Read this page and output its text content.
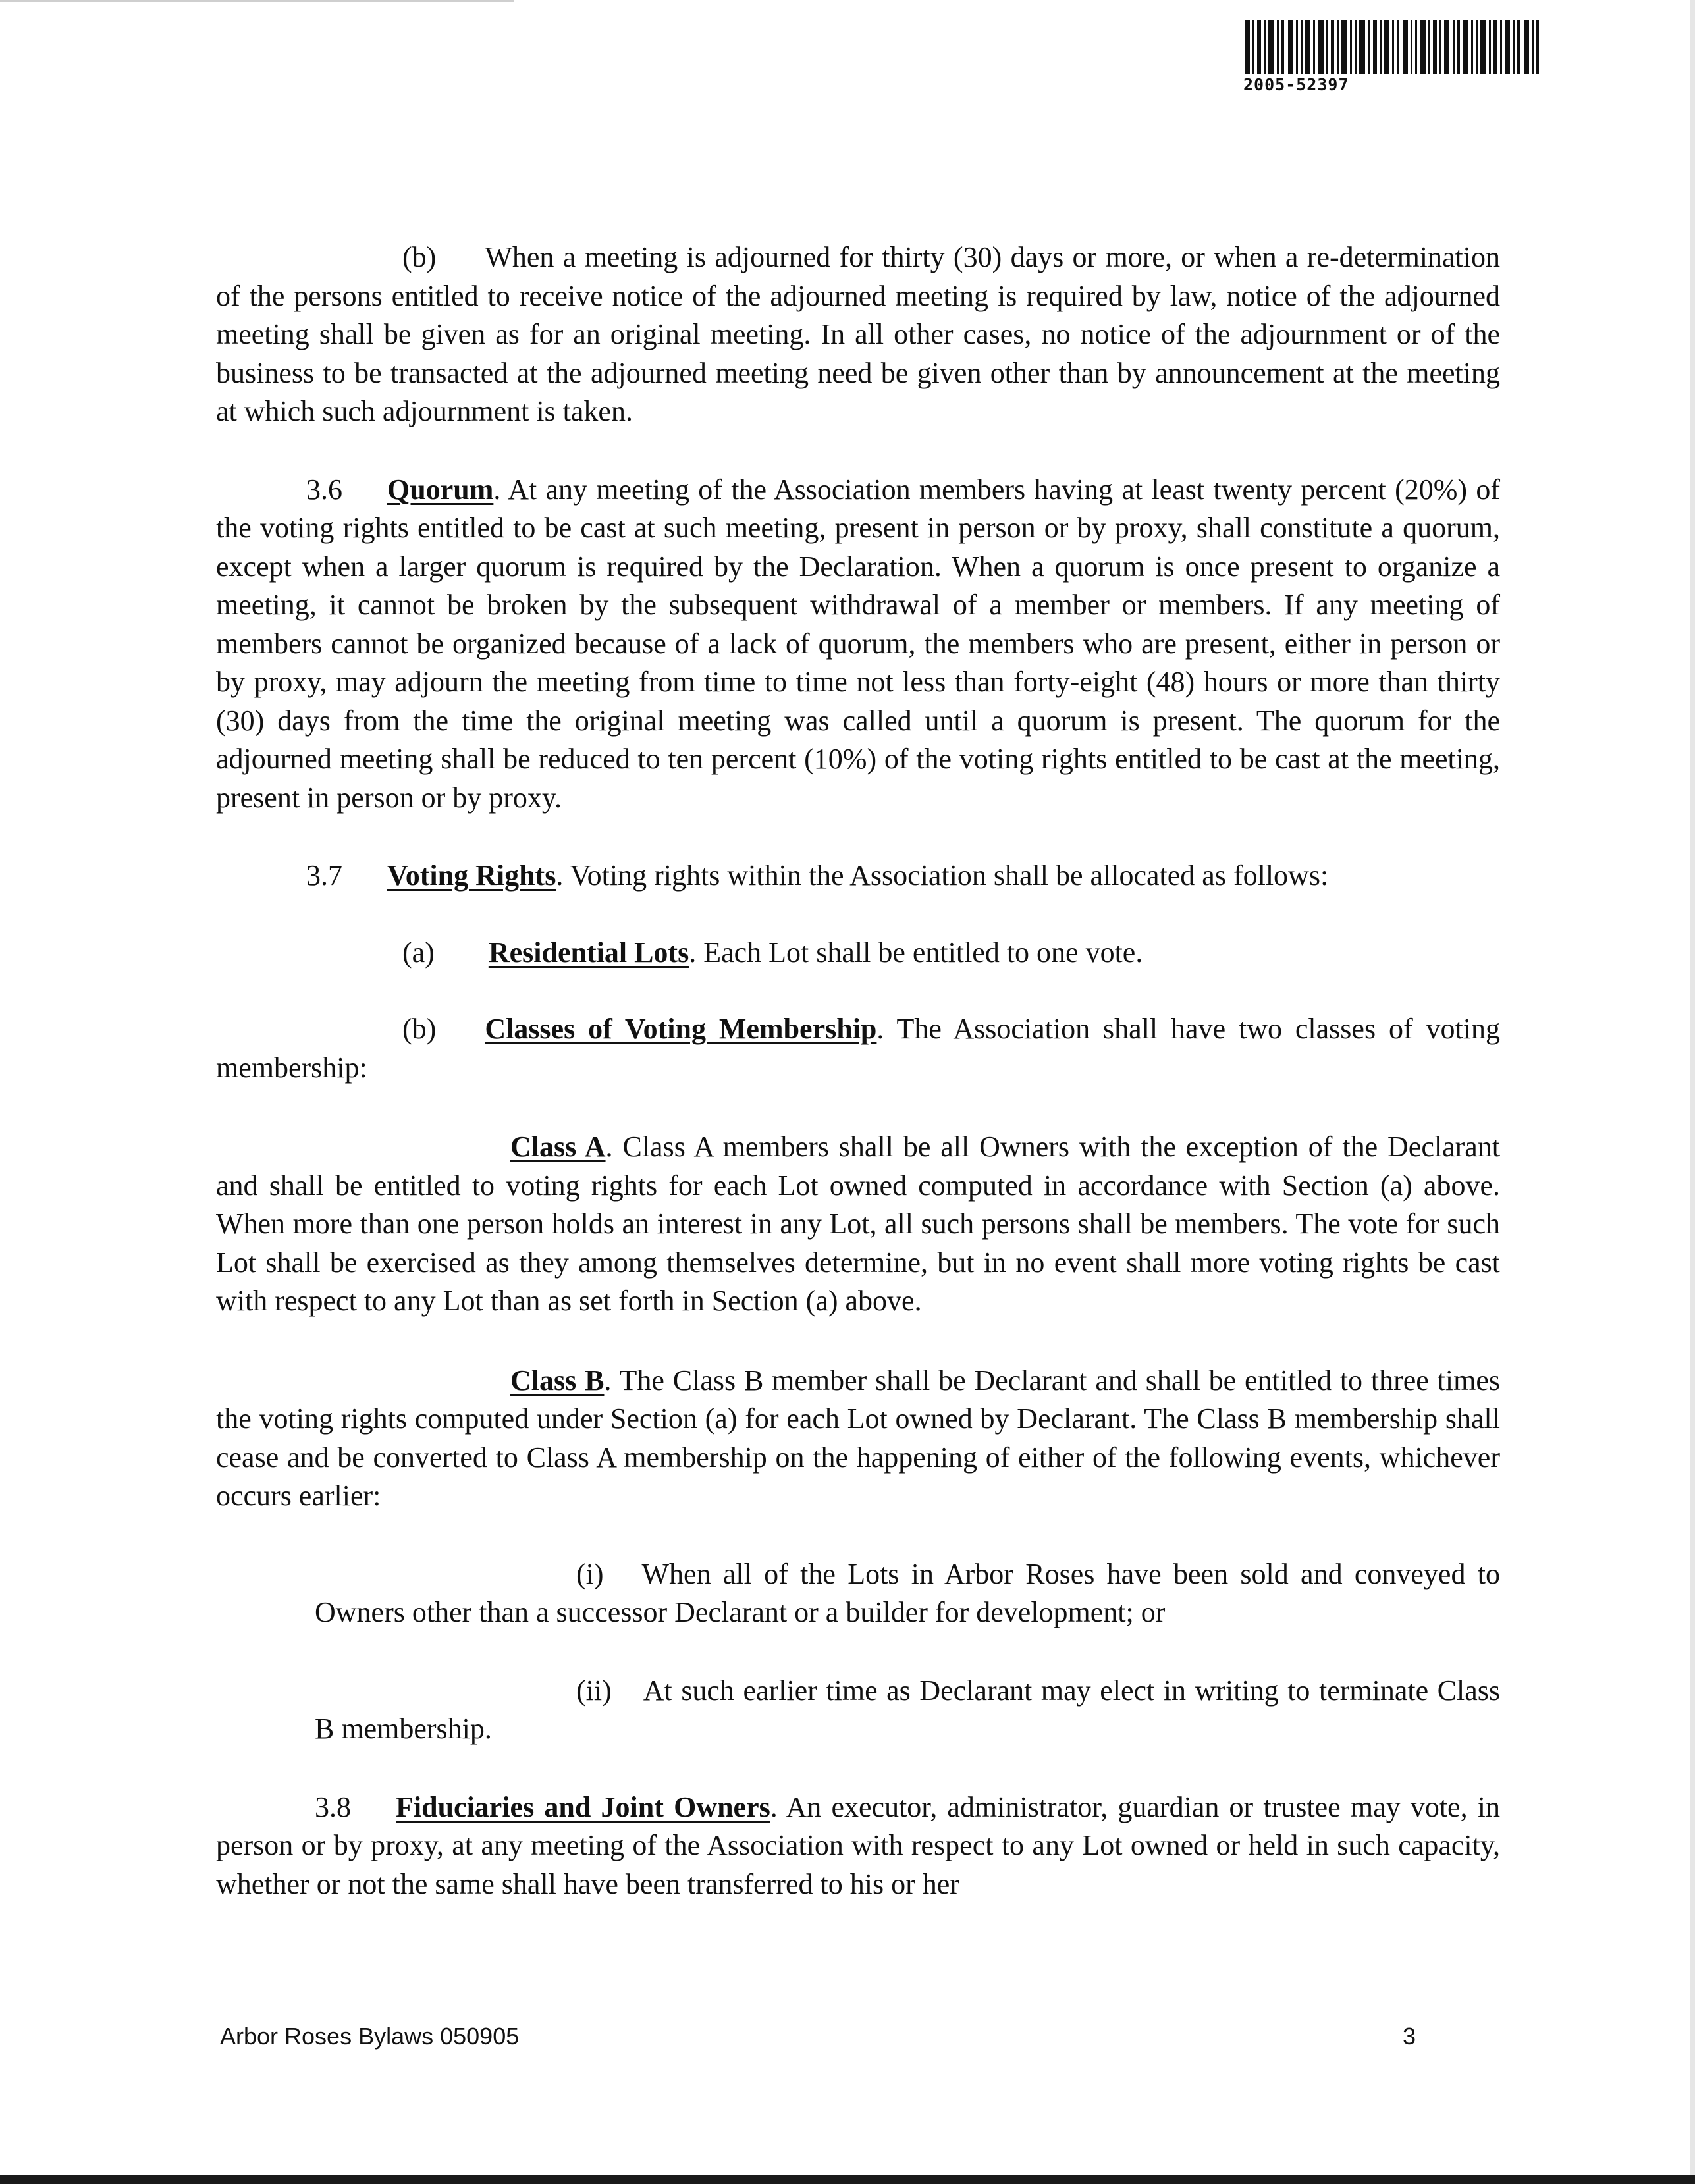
2005-52397

(b) When a meeting is adjourned for thirty (30) days or more, or when a re-determination of the persons entitled to receive notice of the adjourned meeting is required by law, notice of the adjourned meeting shall be given as for an original meeting. In all other cases, no notice of the adjournment or of the business to be transacted at the adjourned meeting need be given other than by announcement at the meeting at which such adjournment is taken.

3.6 Quorum. At any meeting of the Association members having at least twenty percent (20%) of the voting rights entitled to be cast at such meeting, present in person or by proxy, shall constitute a quorum, except when a larger quorum is required by the Declaration. When a quorum is once present to organize a meeting, it cannot be broken by the subsequent withdrawal of a member or members. If any meeting of members cannot be organized because of a lack of quorum, the members who are present, either in person or by proxy, may adjourn the meeting from time to time not less than forty-eight (48) hours or more than thirty (30) days from the time the original meeting was called until a quorum is present. The quorum for the adjourned meeting shall be reduced to ten percent (10%) of the voting rights entitled to be cast at the meeting, present in person or by proxy.

3.7 Voting Rights. Voting rights within the Association shall be allocated as follows:

(a) Residential Lots. Each Lot shall be entitled to one vote.

(b) Classes of Voting Membership. The Association shall have two classes of voting membership:

Class A. Class A members shall be all Owners with the exception of the Declarant and shall be entitled to voting rights for each Lot owned computed in accordance with Section (a) above. When more than one person holds an interest in any Lot, all such persons shall be members. The vote for such Lot shall be exercised as they among themselves determine, but in no event shall more voting rights be cast with respect to any Lot than as set forth in Section (a) above.

Class B. The Class B member shall be Declarant and shall be entitled to three times the voting rights computed under Section (a) for each Lot owned by Declarant. The Class B membership shall cease and be converted to Class A membership on the happening of either of the following events, whichever occurs earlier:

(i) When all of the Lots in Arbor Roses have been sold and conveyed to Owners other than a successor Declarant or a builder for development; or

(ii) At such earlier time as Declarant may elect in writing to terminate Class B membership.

3.8 Fiduciaries and Joint Owners. An executor, administrator, guardian or trustee may vote, in person or by proxy, at any meeting of the Association with respect to any Lot owned or held in such capacity, whether or not the same shall have been transferred to his or her

Arbor Roses Bylaws 050905	3
